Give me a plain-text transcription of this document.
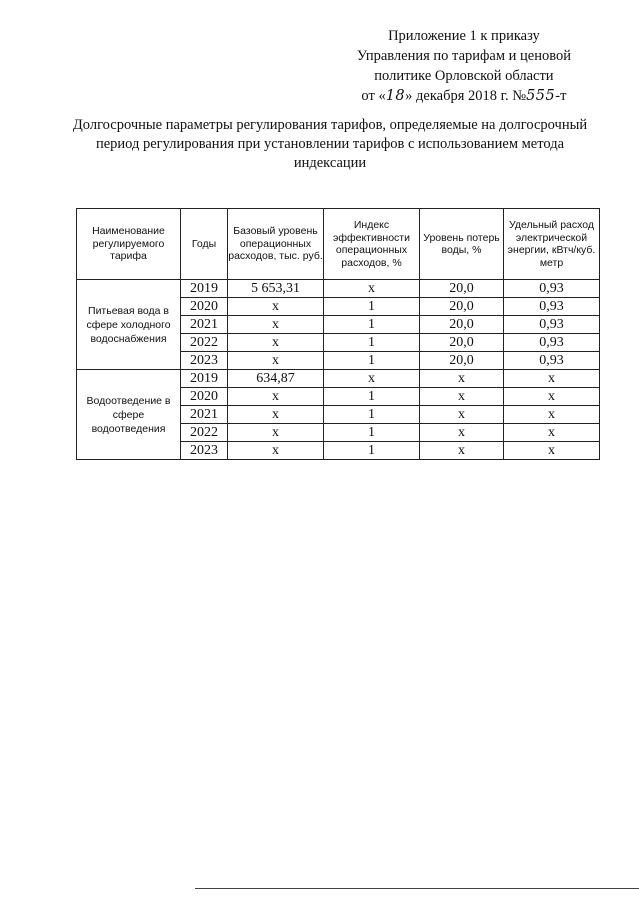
Приложение 1 к приказу
Управления по тарифам и ценовой
политике Орловской области
от «18» декабря 2018 г. №555-т
Долгосрочные параметры регулирования тарифов, определяемые на долгосрочный
период регулирования при установлении тарифов с использованием метода
индексации
Наименование регулируемого тарифа	Годы	Базовый уровень операционных расходов, тыс. руб.	Индекс эффективности операционных расходов, %	Уровень потерь воды, %	Удельный расход электрической энергии, кВтч/куб. метр
Питьевая вода в сфере холодного водоснабжения	2019	5 653,31	х	20,0	0,93
	2020	х	1	20,0	0,93
	2021	х	1	20,0	0,93
	2022	х	1	20,0	0,93
	2023	х	1	20,0	0,93
Водоотведение в сфере водоотведения	2019	634,87	х	х	х
	2020	х	1	х	х
	2021	х	1	х	х
	2022	х	1	х	х
	2023	х	1	х	х
